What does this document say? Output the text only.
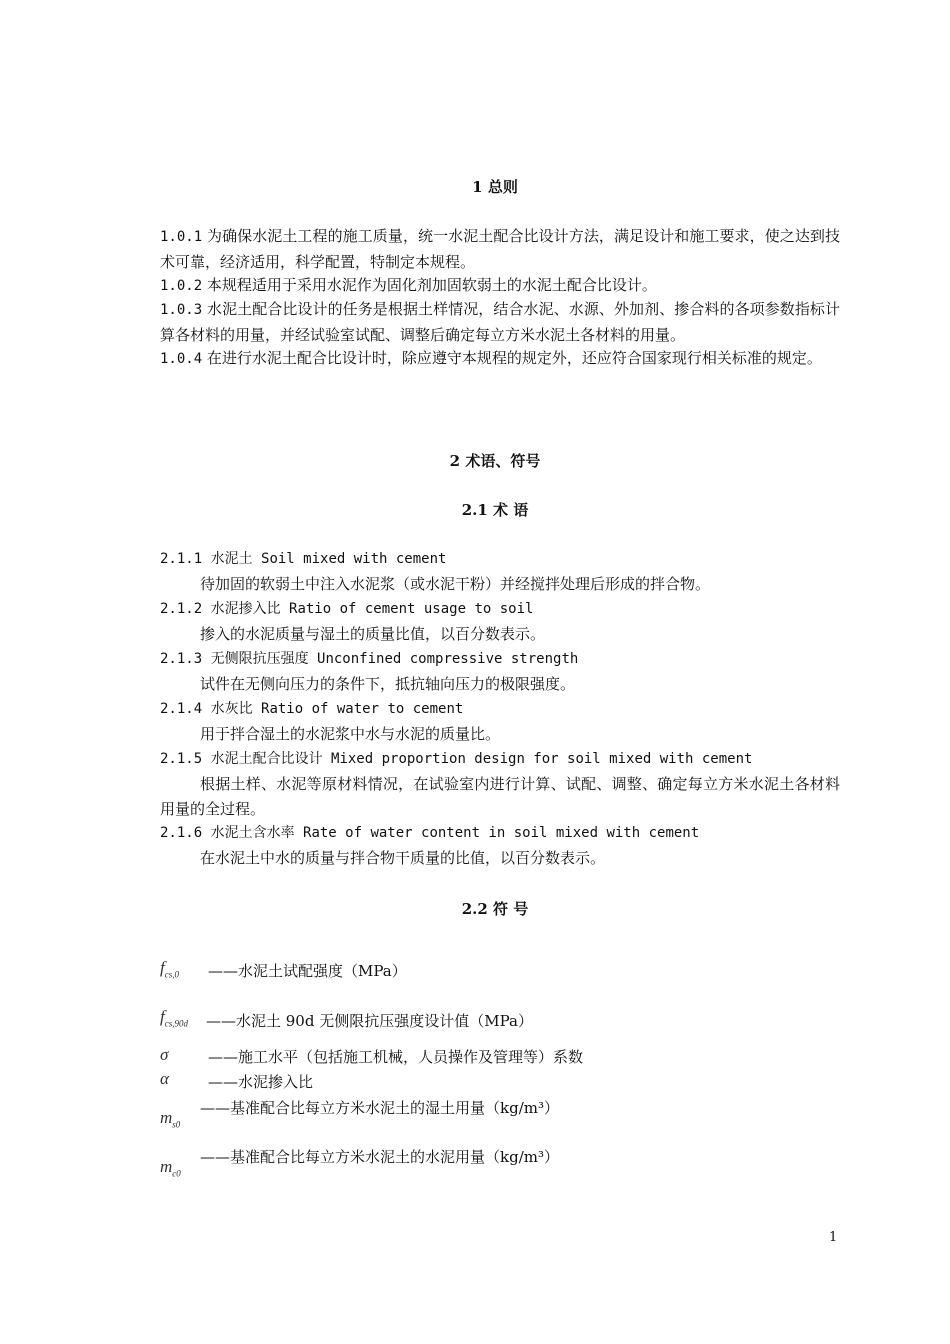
1 总则
1.0.1 为确保水泥土工程的施工质量，统一水泥土配合比设计方法，满足设计和施工要求，使之达到技术可靠，经济适用，科学配置，特制定本规程。
1.0.2 本规程适用于采用水泥作为固化剂加固软弱土的水泥土配合比设计。
1.0.3 水泥土配合比设计的任务是根据土样情况，结合水泥、水源、外加剂、掺合料的各项参数指标计算各材料的用量，并经试验室试配、调整后确定每立方米水泥土各材料的用量。
1.0.4 在进行水泥土配合比设计时，除应遵守本规程的规定外，还应符合国家现行相关标准的规定。
2 术语、符号
2.1 术 语
2.1.1 水泥土 Soil mixed with cement
待加固的软弱土中注入水泥浆（或水泥干粉）并经搅拌处理后形成的拌合物。
2.1.2 水泥掺入比 Ratio of cement usage to soil
掺入的水泥质量与湿土的质量比值，以百分数表示。
2.1.3 无侧限抗压强度 Unconfined compressive strength
试件在无侧向压力的条件下，抵抗轴向压力的极限强度。
2.1.4 水灰比 Ratio of water to cement
用于拌合湿土的水泥浆中水与水泥的质量比。
2.1.5 水泥土配合比设计 Mixed proportion design for soil mixed with cement
根据土样、水泥等原材料情况，在试验室内进行计算、试配、调整、确定每立方米水泥土各材料用量的全过程。
2.1.6 水泥土含水率 Rate of water content in soil mixed with cement
在水泥土中水的质量与拌合物干质量的比值，以百分数表示。
2.2 符 号
$f_{cs,0}$ ——水泥土试配强度（MPa）
$f_{cs,90d}$ ——水泥土 90d 无侧限抗压强度设计值（MPa）
σ	——施工水平（包括施工机械，人员操作及管理等）系数
α	——水泥掺入比
$m_{s0}$
——基准配合比每立方米水泥土的湿土用量（kg/m³）
$m_{c0}$
——基准配合比每立方米水泥土的水泥用量（kg/m³）
1
